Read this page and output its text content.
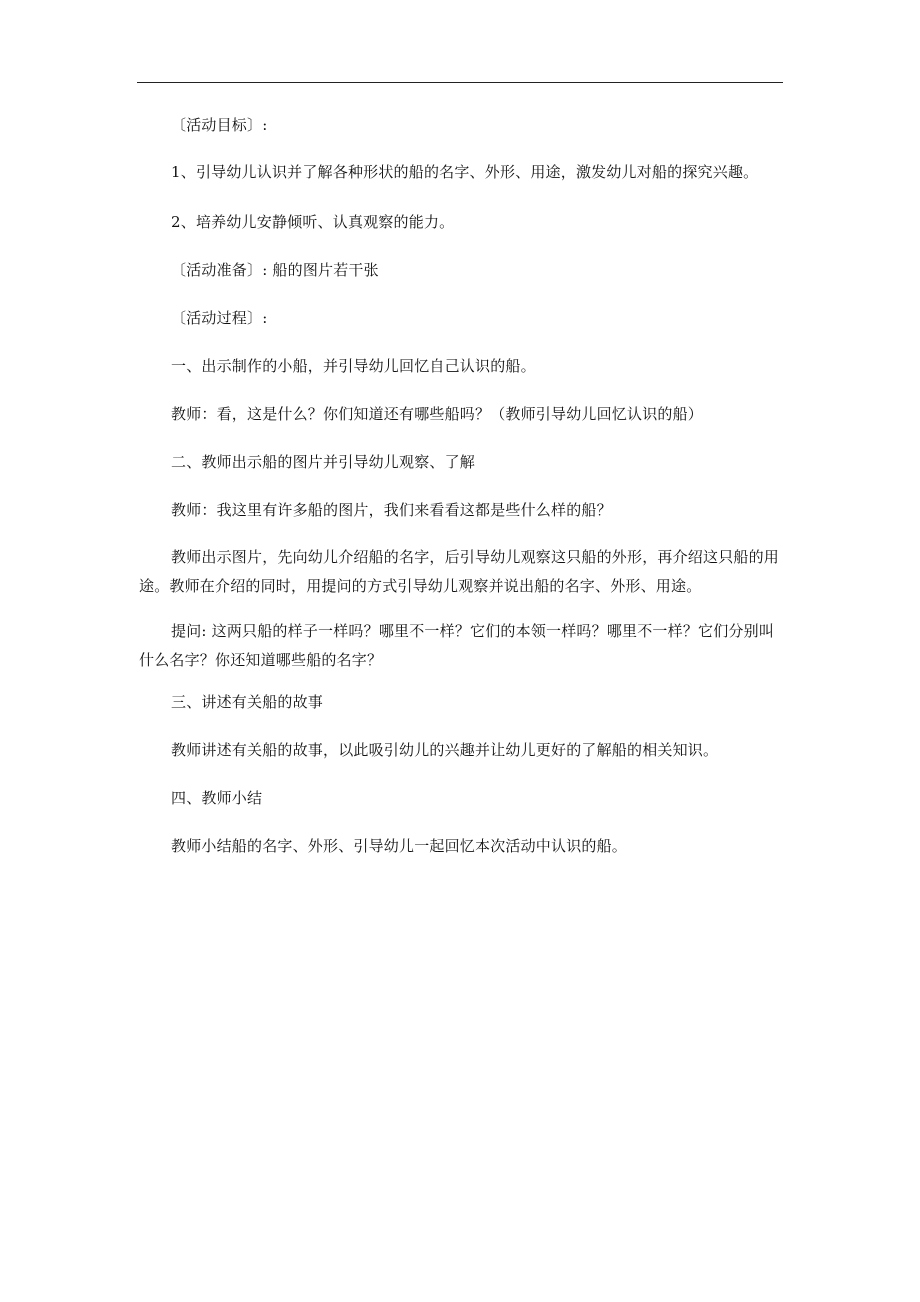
〔活动目标〕:
1、引导幼儿认识并了解各种形状的船的名字、外形、用途，激发幼儿对船的探究兴趣。
2、培养幼儿安静倾听、认真观察的能力。
〔活动准备〕: 船的图片若干张
〔活动过程〕:
一、出示制作的小船，并引导幼儿回忆自己认识的船。
教师：看，这是什么？你们知道还有哪些船吗？（教师引导幼儿回忆认识的船）
二、教师出示船的图片并引导幼儿观察、了解
教师：我这里有许多船的图片，我们来看看这都是些什么样的船？
教师出示图片，先向幼儿介绍船的名字，后引导幼儿观察这只船的外形，再介绍这只船的用途。教师在介绍的同时，用提问的方式引导幼儿观察并说出船的名字、外形、用途。
提问: 这两只船的样子一样吗？哪里不一样？它们的本领一样吗？哪里不一样？它们分别叫什么名字？你还知道哪些船的名字？
三、讲述有关船的故事
教师讲述有关船的故事，以此吸引幼儿的兴趣并让幼儿更好的了解船的相关知识。
四、教师小结
教师小结船的名字、外形、引导幼儿一起回忆本次活动中认识的船。
